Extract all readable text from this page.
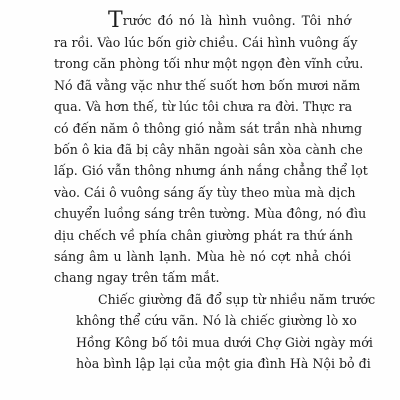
Trước đó nó là hình vuông. Tôi nhớ
ra rồi. Vào lúc bốn giờ chiều. Cái hình vuông ấy
trong căn phòng tối như một ngọn đèn vĩnh cửu.
Nó đã vằng vặc như thế suốt hơn bốn mươi năm
qua. Và hơn thế, từ lúc tôi chưa ra đời. Thực ra
có đến năm ô thông gió nằm sát trần nhà nhưng
bốn ô kia đã bị cây nhãn ngoài sân xòa cành che
lấp. Gió vẫn thông nhưng ánh nắng chẳng thể lọt
vào. Cái ô vuông sáng ấy tùy theo mùa mà dịch
chuyển luồng sáng trên tường. Mùa đông, nó đìu
dịu chếch về phía chân giường phát ra thứ ánh
sáng âm u lành lạnh. Mùa hè nó cợt nhả chói
chang ngay trên tấm mắt.
Chiếc giường đã đổ sụp từ nhiều năm trước
không thể cứu vãn. Nó là chiếc giường lò xo
Hồng Kông bố tôi mua dưới Chợ Giời ngày mới
hòa bình lập lại của một gia đình Hà Nội bỏ đi
